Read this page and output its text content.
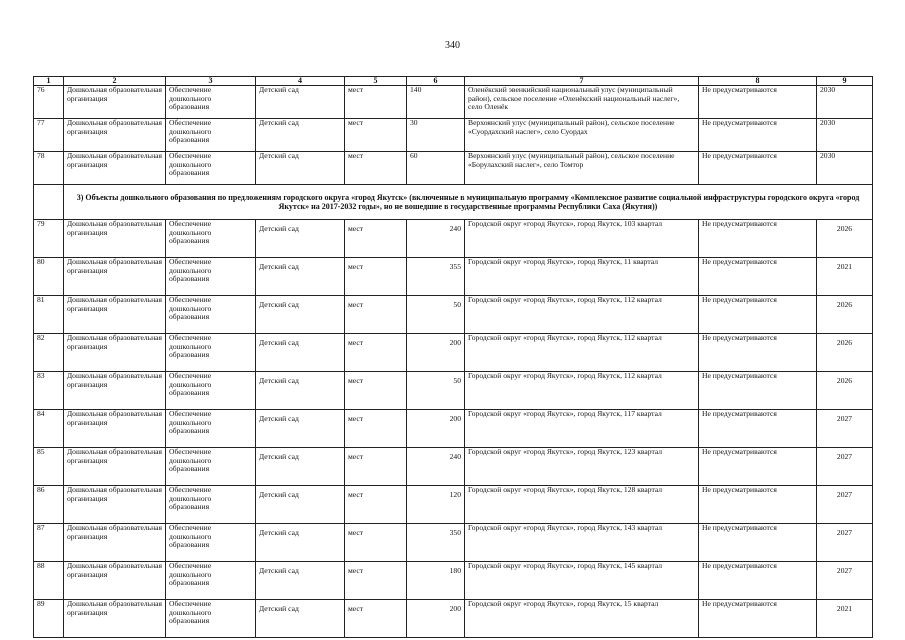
340
1	2	3	4	5	6	7	8	9
76	Дошкольная образовательная организация	Обеспечение дошкольного образования	Детский сад	мест	140	Оленёкский эвенкийский национальный улус (муниципальный район), сельское поселение «Оленёкский национальный наслег», село Оленёк	Не предусматриваются	2030
77	Дошкольная образовательная организация	Обеспечение дошкольного образования	Детский сад	мест	30	Верхоянский улус (муниципальный район), сельское поселение «Суордахский наслег», село Суордах	Не предусматриваются	2030
78	Дошкольная образовательная организация	Обеспечение дошкольного образования	Детский сад	мест	60	Верхоянский улус (муниципальный район), сельское поселение «Борулахский наслег», село Томтор	Не предусматриваются	2030
	3) Объекты дошкольного образования по предложениям городского округа «город Якутск» (включенные в муниципальную программу «Комплексное развитие социальной инфраструктуры городского округа «город Якутск» на 2017-2032 годы», но не вошедшие в государственные программы Республики Саха (Якутия))							
79	Дошкольная образовательная организация	Обеспечение дошкольного образования	Детский сад	мест	240	Городской округ «город Якутск», город Якутск, 103 квартал	Не предусматриваются	2026
80	Дошкольная образовательная организация	Обеспечение дошкольного образования	Детский сад	мест	355	Городской округ «город Якутск», город Якутск, 11 квартал	Не предусматриваются	2021
81	Дошкольная образовательная организация	Обеспечение дошкольного образования	Детский сад	мест	50	Городской округ «город Якутск», город Якутск, 112 квартал	Не предусматриваются	2026
82	Дошкольная образовательная организация	Обеспечение дошкольного образования	Детский сад	мест	200	Городской округ «город Якутск», город Якутск, 112 квартал	Не предусматриваются	2026
83	Дошкольная образовательная организация	Обеспечение дошкольного образования	Детский сад	мест	50	Городской округ «город Якутск», город Якутск, 112 квартал	Не предусматриваются	2026
84	Дошкольная образовательная организация	Обеспечение дошкольного образования	Детский сад	мест	200	Городской округ «город Якутск», город Якутск, 117 квартал	Не предусматриваются	2027
85	Дошкольная образовательная организация	Обеспечение дошкольного образования	Детский сад	мест	240	Городской округ «город Якутск», город Якутск, 123 квартал	Не предусматриваются	2027
86	Дошкольная образовательная организация	Обеспечение дошкольного образования	Детский сад	мест	120	Городской округ «город Якутск», город Якутск, 128 квартал	Не предусматриваются	2027
87	Дошкольная образовательная организация	Обеспечение дошкольного образования	Детский сад	мест	350	Городской округ «город Якутск», город Якутск, 143 квартал	Не предусматриваются	2027
88	Дошкольная образовательная организация	Обеспечение дошкольного образования	Детский сад	мест	180	Городской округ «город Якутск», город Якутск, 145 квартал	Не предусматриваются	2027
89	Дошкольная образовательная организация	Обеспечение дошкольного образования	Детский сад	мест	200	Городской округ «город Якутск», город Якутск, 15 квартал	Не предусматриваются	2021
